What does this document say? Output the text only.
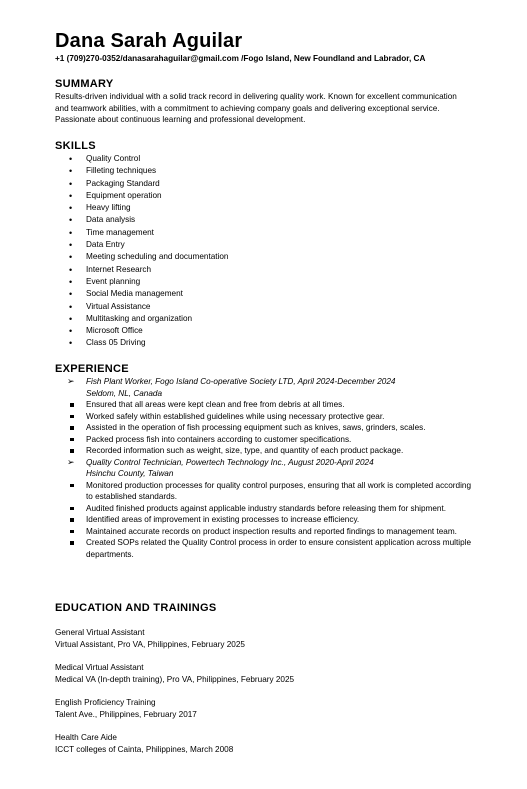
Dana Sarah Aguilar
+1 (709)270-0352/danasarahaguilar@gmail.com /Fogo Island, New Foundland and Labrador, CA
SUMMARY
Results-driven individual with a solid track record in delivering quality work. Known for excellent communication and teamwork abilities, with a commitment to achieving company goals and delivering exceptional service. Passionate about continuous learning and professional development.
SKILLS
• Quality Control
• Filleting techniques
• Packaging Standard
• Equipment operation
• Heavy lifting
• Data analysis
• Time management
• Data Entry
• Meeting scheduling and documentation
• Internet Research
• Event planning
• Social Media management
• Virtual Assistance
• Multitasking and organization
• Microsoft Office
• Class 05 Driving
EXPERIENCE
➢ Fish Plant Worker, Fogo Island Co-operative Society LTD, April 2024-December 2024
Seldom, NL, Canada
Ensured that all areas were kept clean and free from debris at all times.
Worked safely within established guidelines while using necessary protective gear.
Assisted in the operation of fish processing equipment such as knives, saws, grinders, scales.
Packed process fish into containers according to customer specifications.
Recorded information such as weight, size, type, and quantity of each product package.
➢ Quality Control Technician, Powertech Technology Inc., August 2020-April 2024
Hsinchu County, Taiwan
Monitored production processes for quality control purposes, ensuring that all work is completed according to established standards.
Audited finished products against applicable industry standards before releasing them for shipment.
Identified areas of improvement in existing processes to increase efficiency.
Maintained accurate records on product inspection results and reported findings to management team.
Created SOPs related the Quality Control process in order to ensure consistent application across multiple departments.
EDUCATION AND TRAININGS
General Virtual Assistant
Virtual Assistant, Pro VA, Philippines, February 2025
Medical Virtual Assistant
Medical VA (In-depth training), Pro VA, Philippines, February 2025
English Proficiency Training
Talent Ave., Philippines, February 2017
Health Care Aide
ICCT colleges of Cainta, Philippines, March 2008
